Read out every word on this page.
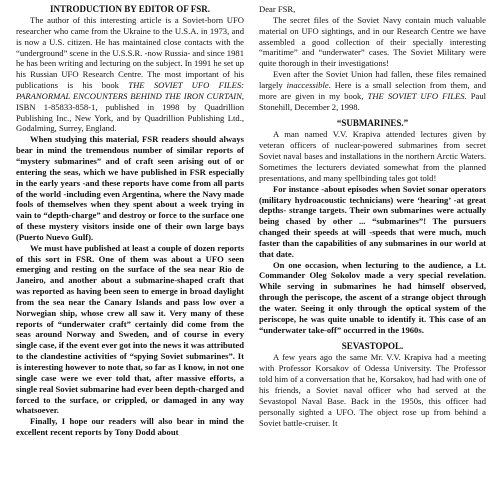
INTRODUCTION BY EDITOR OF FSR.

The author of this interesting article is a Soviet-born UFO researcher who came from the Ukraine to the U.S.A. in 1973, and is now a U.S. citizen. He has maintained close contacts with the “underground” scene in the U.S.S.R. -now Russia- and since 1981 he has been writing and lecturing on the subject. In 1991 he set up his Russian UFO Research Centre. The most important of his publications is his book THE SOVIET UFO FILES: PARANORMAL ENCOUNTERS BEHIND THE IRON CURTAIN, ISBN 1-85833-858-1, published in 1998 by Quadrillion Publishing Inc., New York, and by Quadrillion Publishing Ltd., Godalming, Surrey, England.

When studying this material, FSR readers should always bear in mind the tremendous number of similar reports of “mystery submarines” and of craft seen arising out of or entering the seas, which we have published in FSR especially in the early years -and these reports have come from all parts of the world -including even Argentina, where the Navy made fools of themselves when they spent about a week trying in vain to “depth-charge” and destroy or force to the surface one of these mystery visitors inside one of their own large bays (Puerto Nuevo Gulf).

We must have published at least a couple of dozen reports of this sort in FSR. One of them was about a UFO seen emerging and resting on the surface of the sea near Rio de Janeiro, and another about a submarine-shaped craft that was reported as having been seen to emerge in broad daylight from the sea near the Canary Islands and pass low over a Norwegian ship, whose crew all saw it. Very many of these reports of “underwater craft” certainly did come from the seas around Norway and Sweden, and of course in every single case, if the event ever got into the news it was attributed to the clandestine activities of “spying Soviet submarines”. It is interesting however to note that, so far as I know, in not one single case were we ever told that, after massive efforts, a single real Soviet submarine had ever been depth-charged and forced to the surface, or crippled, or damaged in any way whatsoever.

Finally, I hope our readers will also bear in mind the excellent recent reports by Tony Dodd about

Dear FSR,

The secret files of the Soviet Navy contain much valuable material on UFO sightings, and in our Research Centre we have assembled a good collection of their specially interesting “maritime” and “underwater” cases. The Soviet Military were quite thorough in their investigations!

Even after the Soviet Union had fallen, these files remained largely inaccessible. Here is a small selection from them, and more are given in my book, THE SOVIET UFO FILES. Paul Stonehill, December 2, 1998.

“SUBMARINES.”

A man named V.V. Krapiva attended lectures given by veteran officers of nuclear-powered submarines from secret Soviet naval bases and installations in the northern Arctic Waters. Sometimes the lecturers deviated somewhat from the planned presentations, and many spellbinding tales got told!

For instance -about episodes when Soviet sonar operators (military hydroacoustic technicians) were ‘hearing’ -at great depths- strange targets. Their own submarines were actually being chased by other ... “submarines”! The pursuers changed their speeds at will -speeds that were much, much faster than the capabilities of any submarines in our world at that date.

On one occasion, when lecturing to the audience, a Lt. Commander Oleg Sokolov made a very special revelation. While serving in submarines he had himself observed, through the periscope, the ascent of a strange object through the water. Seeing it only through the optical system of the periscope, he was quite unable to identify it. This case of an “underwater take-off” occurred in the 1960s.

SEVASTOPOL.

A few years ago the same Mr. V.V. Krapiva had a meeting with Professor Korsakov of Odessa University. The Professor told him of a conversation that he, Korsakov, had had with one of his friends, a Soviet naval officer who had served at the Sevastopol Naval Base. Back in the 1950s, this officer had personally sighted a UFO. The object rose up from behind a Soviet battle-cruiser. It
